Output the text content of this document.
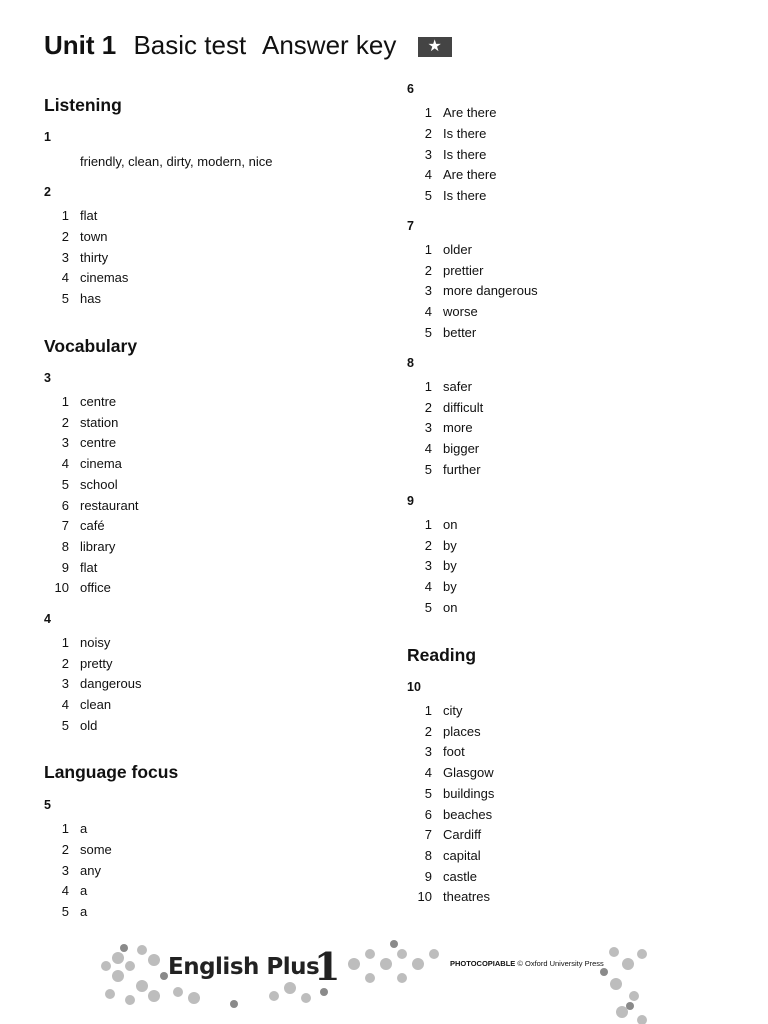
Unit 1 Basic test Answer key ★
Listening
1
friendly, clean, dirty, modern, nice
2
1 flat
2 town
3 thirty
4 cinemas
5 has
Vocabulary
3
1 centre
2 station
3 centre
4 cinema
5 school
6 restaurant
7 café
8 library
9 flat
10 office
4
1 noisy
2 pretty
3 dangerous
4 clean
5 old
Language focus
5
1 a
2 some
3 any
4 a
5 a
6
1 Are there
2 Is there
3 Is there
4 Are there
5 Is there
7
1 older
2 prettier
3 more dangerous
4 worse
5 better
8
1 safer
2 difficult
3 more
4 bigger
5 further
9
1 on
2 by
3 by
4 by
5 on
Reading
10
1 city
2 places
3 foot
4 Glasgow
5 buildings
6 beaches
7 Cardiff
8 capital
9 castle
10 theatres
English Plus
1	PHOTOCOPIABLE © Oxford University Press
